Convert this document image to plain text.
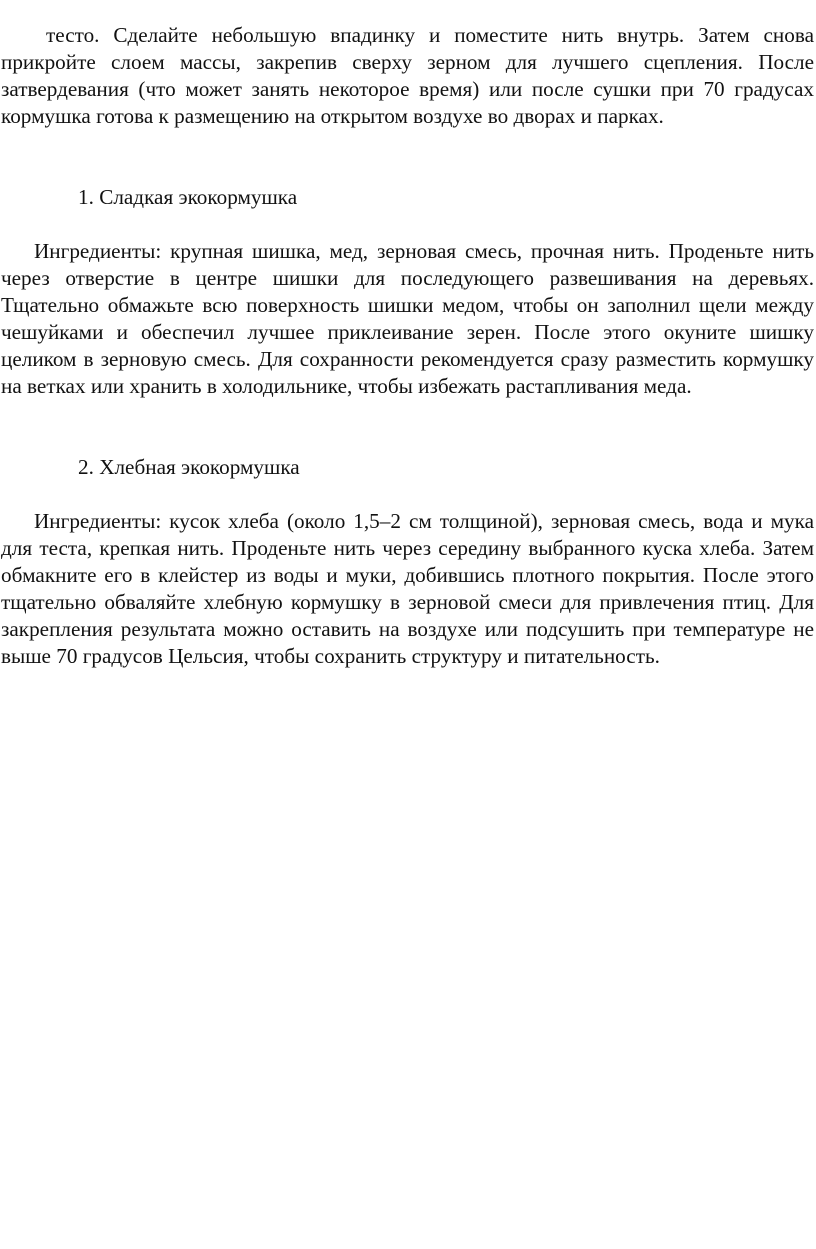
тесто. Сделайте небольшую впадинку и поместите нить внутрь. Затем снова прикройте слоем массы, закрепив сверху зерном для лучшего сцепления. После затвердевания (что может занять некоторое время) или после сушки при 70 градусах кормушка готова к размещению на открытом воздухе во дворах и парках.

1. Сладкая экокормушка

Ингредиенты: крупная шишка, мед, зерновая смесь, прочная нить. Проденьте нить через отверстие в центре шишки для последующего развешивания на деревьях. Тщательно обмажьте всю поверхность шишки медом, чтобы он заполнил щели между чешуйками и обеспечил лучшее приклеивание зерен. После этого окуните шишку целиком в зерновую смесь. Для сохранности рекомендуется сразу разместить кормушку на ветках или хранить в холодильнике, чтобы избежать растапливания меда.

2. Хлебная экокормушка

Ингредиенты: кусок хлеба (около 1,5–2 см толщиной), зерновая смесь, вода и мука для теста, крепкая нить. Проденьте нить через середину выбранного куска хлеба. Затем обмакните его в клейстер из воды и муки, добившись плотного покрытия. После этого тщательно обваляйте хлебную кормушку в зерновой смеси для привлечения птиц. Для закрепления результата можно оставить на воздухе или подсушить при температуре не выше 70 градусов Цельсия, чтобы сохранить структуру и питательность.
